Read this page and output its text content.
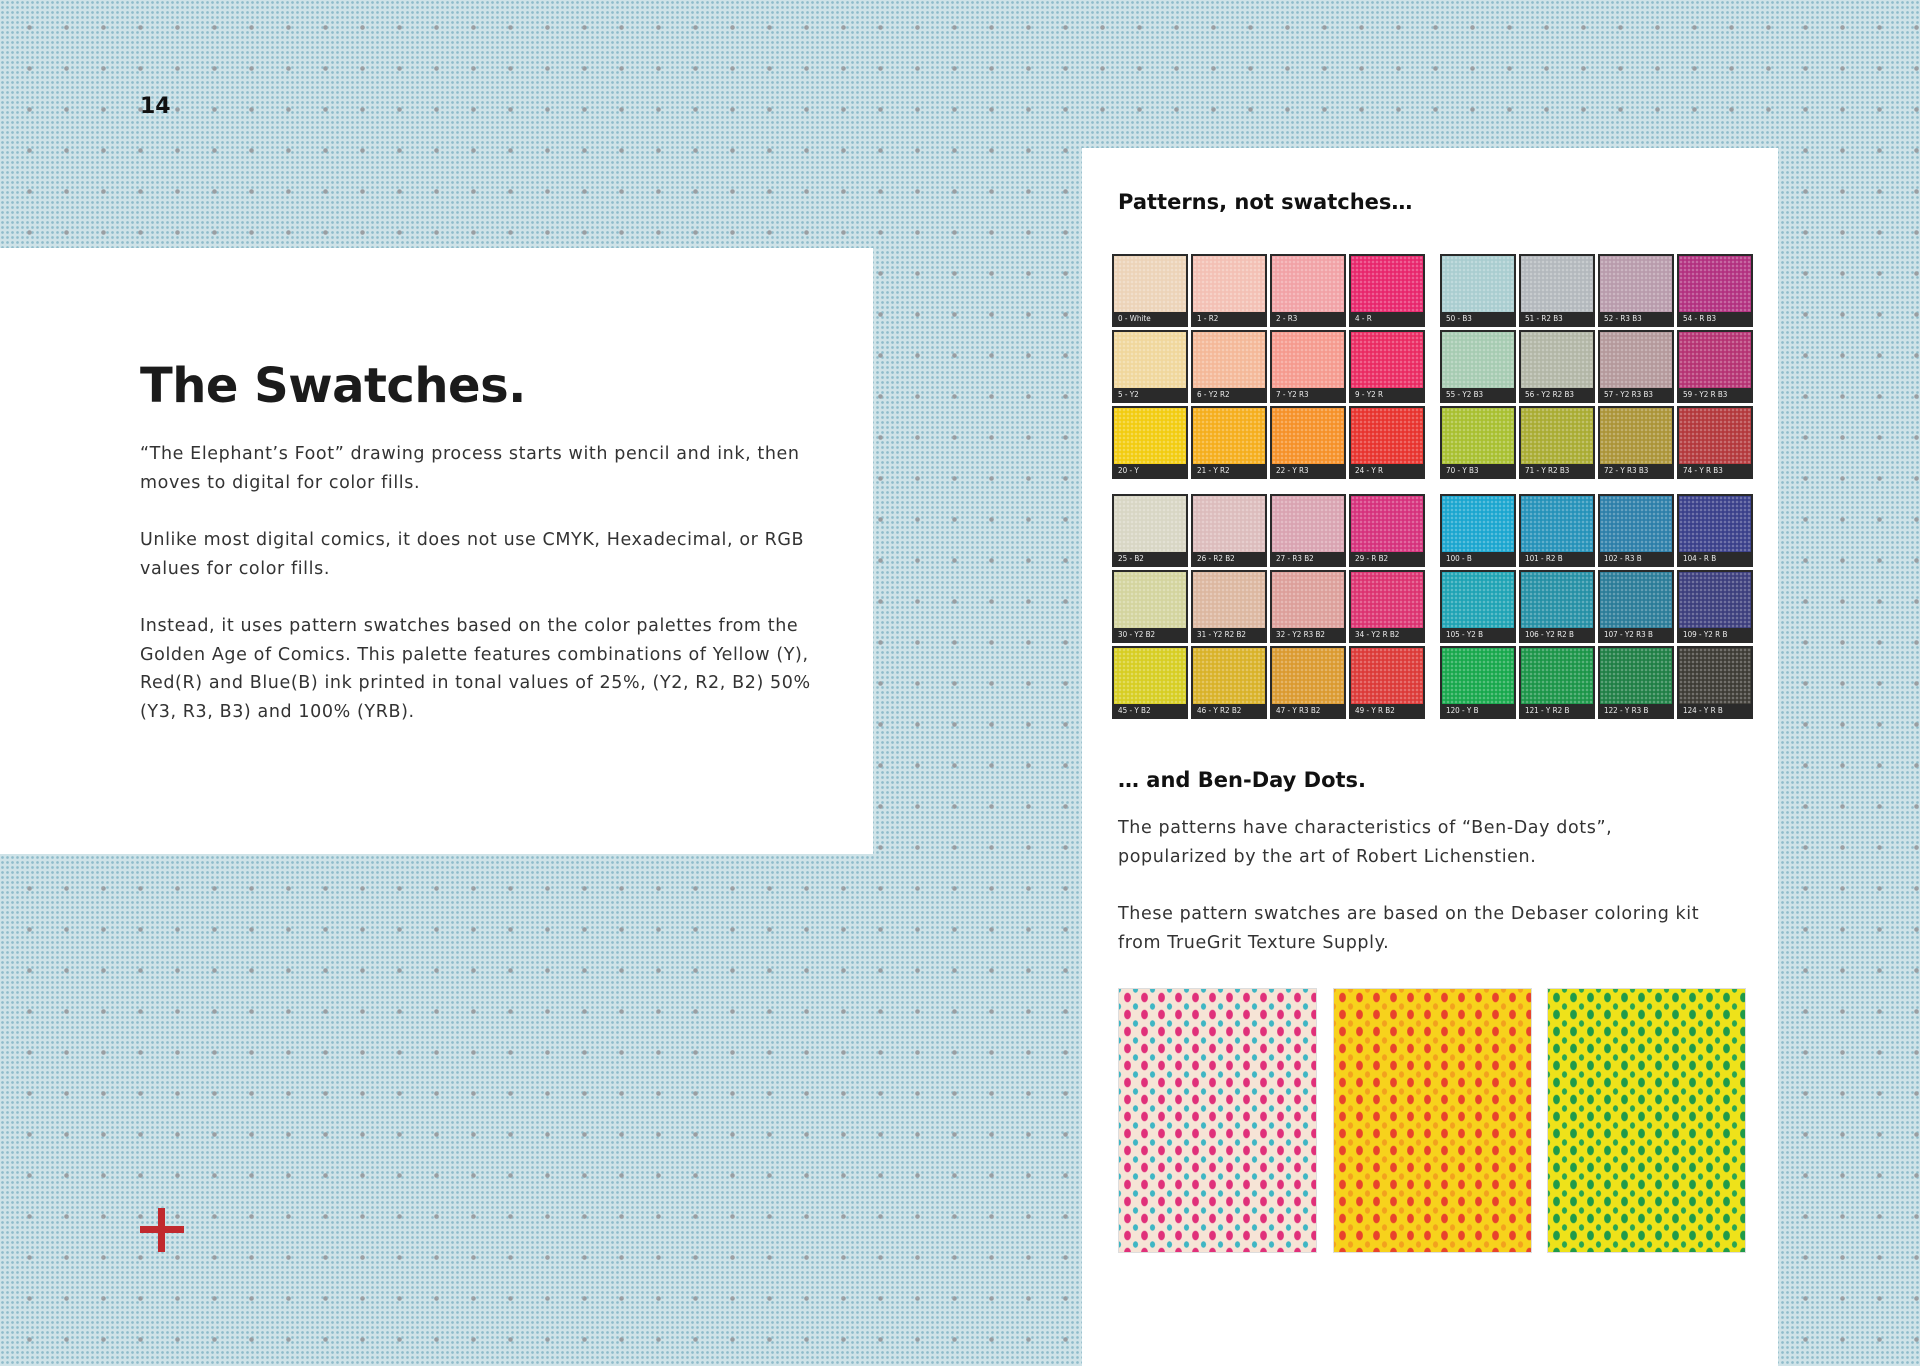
14
The Swatches.

“The Elephant’s Foot” drawing process starts with pencil and ink, then moves to digital for color fills.

Unlike most digital comics, it does not use CMYK, Hexadecimal, or RGB values for color fills.

Instead, it uses pattern swatches based on the color palettes from the Golden Age of Comics. This palette features combinations of Yellow (Y), Red(R) and Blue(B) ink printed in tonal values of 25%, (Y2, R2, B2) 50% (Y3, R3, B3) and 100% (YRB).

Patterns, not swatches…
0 - White	1 - R2	2 - R3	4 - R
5 - Y2	6 - Y2 R2	7 - Y2 R3	9 - Y2 R
20 - Y	21 - Y R2	22 - Y R3	24 - Y R
50 - B3	51 - R2 B3	52 - R3 B3	54 - R B3
55 - Y2 B3	56 - Y2 R2 B3	57 - Y2 R3 B3	59 - Y2 R B3
70 - Y B3	71 - Y R2 B3	72 - Y R3 B3	74 - Y R B3
25 - B2	26 - R2 B2	27 - R3 B2	29 - R B2
30 - Y2 B2	31 - Y2 R2 B2	32 - Y2 R3 B2	34 - Y2 R B2
45 - Y B2	46 - Y R2 B2	47 - Y R3 B2	49 - Y R B2
100 - B	101 - R2 B	102 - R3 B	104 - R B
105 - Y2 B	106 - Y2 R2 B	107 - Y2 R3 B	109 - Y2 R B
120 - Y B	121 - Y R2 B	122 - Y R3 B	124 - Y R B
… and Ben-Day Dots.

The patterns have characteristics of “Ben-Day dots”, popularized by the art of Robert Lichenstien.

These pattern swatches are based on the Debaser coloring kit from TrueGrit Texture Supply.
